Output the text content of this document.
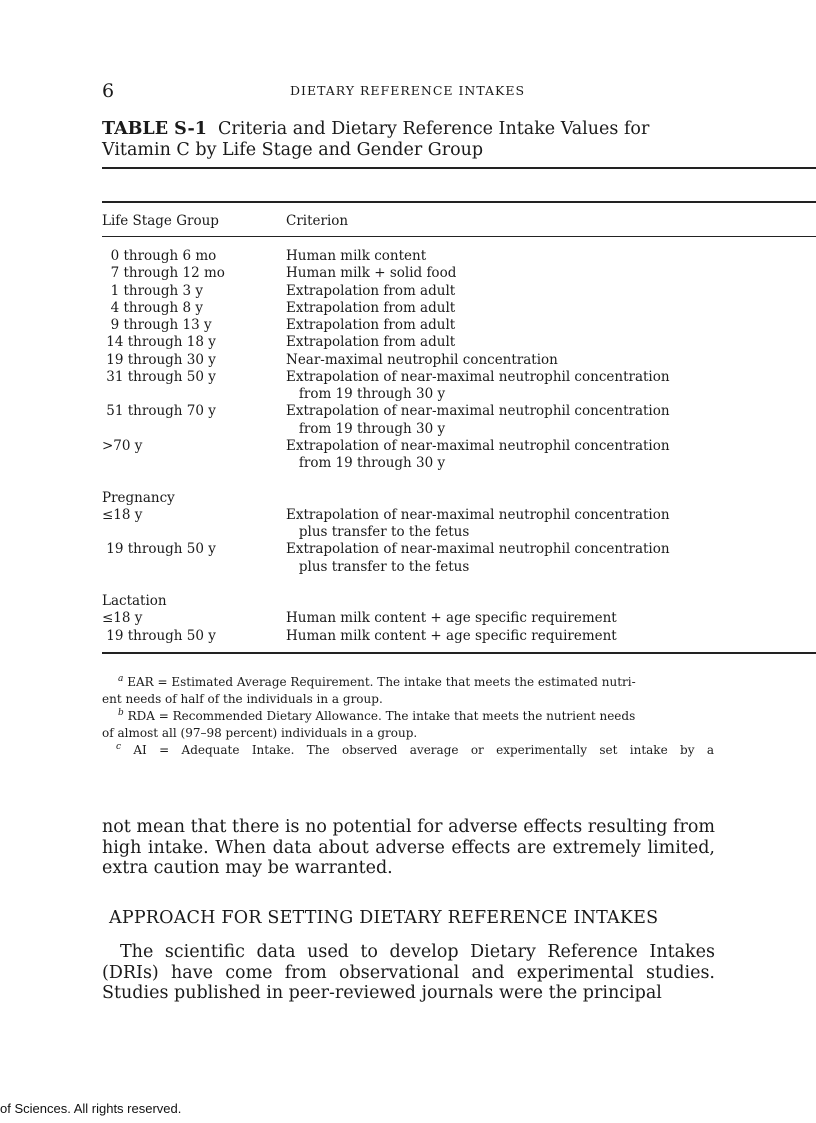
6	DIETARY REFERENCE INTAKES
TABLE S-1 Criteria and Dietary Reference Intake Values for
Vitamin C by Life Stage and Gender Group
Life Stage Group	Criterion
0 through 6 mo	Human milk content
7 through 12 mo	Human milk + solid food
1 through 3 y	Extrapolation from adult
4 through 8 y	Extrapolation from adult
9 through 13 y	Extrapolation from adult
14 through 18 y	Extrapolation from adult
19 through 30 y	Near-maximal neutrophil concentration
31 through 50 y	Extrapolation of near-maximal neutrophil concentration
from 19 through 30 y
51 through 70 y	Extrapolation of near-maximal neutrophil concentration
from 19 through 30 y
>70 y	Extrapolation of near-maximal neutrophil concentration
from 19 through 30 y
Pregnancy
≤18 y	Extrapolation of near-maximal neutrophil concentration
plus transfer to the fetus
19 through 50 y	Extrapolation of near-maximal neutrophil concentration
plus transfer to the fetus
Lactation
≤18 y	Human milk content + age specific requirement
19 through 50 y	Human milk content + age specific requirement
$^a$ EAR = Estimated Average Requirement. The intake that meets the estimated nutri-
ent needs of half of the individuals in a group.
$^b$ RDA = Recommended Dietary Allowance. The intake that meets the nutrient needs
of almost all (97–98 percent) individuals in a group.
$^c$ AI = Adequate Intake. The observed average or experimentally set intake by a
not mean that there is no potential for adverse effects resulting from high intake. When data about adverse effects are extremely limited, extra caution may be warranted.
APPROACH FOR SETTING DIETARY REFERENCE INTAKES
The scientific data used to develop Dietary Reference Intakes (DRIs) have come from observational and experimental studies. Studies published in peer-reviewed journals were the principal
of Sciences. All rights reserved.
